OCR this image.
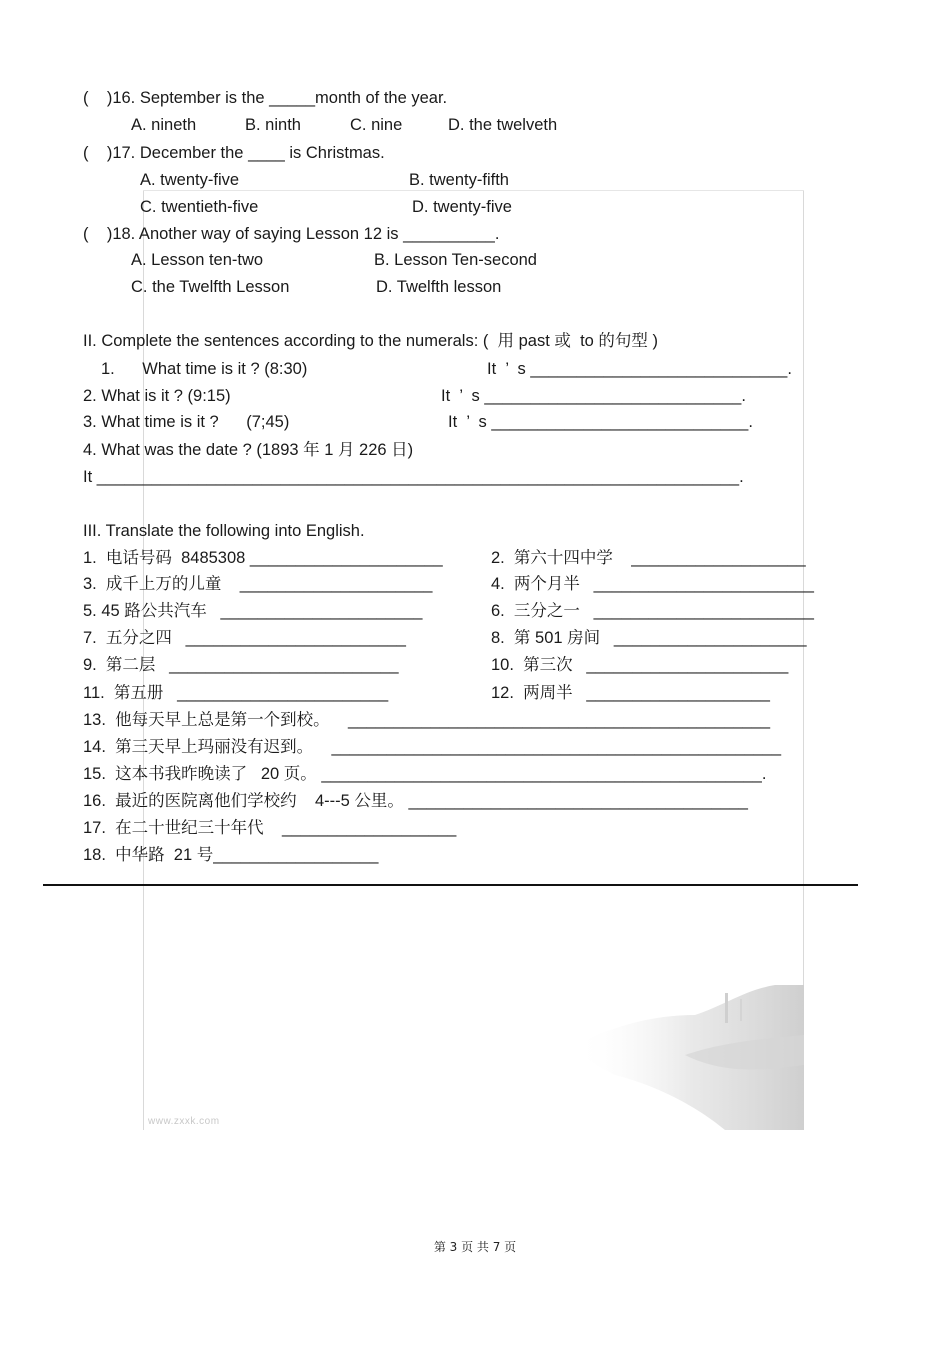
(    )16. September is the _____month of the year.
A. nineth	B. ninth	C. nine	D. the twelveth
(    )17. December the ____ is Christmas.
A. twenty-five	B. twenty-fifth
C. twentieth-five	D. twenty-five
(    )18. Another way of saying Lesson 12 is __________.
A. Lesson ten-two	B. Lesson Ten-second
C. the Twelfth Lesson	D. Twelfth lesson
II. Complete the sentences according to the numerals: (  用 past 或  to 的句型 )
1.      What time is it ? (8:30)	It  ’  s ____________________________.
2. What is it ? (9:15)	It  ’  s ____________________________.
3. What time is it ?      (7;45)	It  ’  s ____________________________.
4. What was the date ? (1893 年 1 月 226 日)
It ______________________________________________________________________.
III. Translate the following into English.
1.  电话号码  8485308 _____________________	2.  第六十四中学    ___________________
3.  成千上万的儿童    _____________________	4.  两个月半   ________________________
5. 45 路公共汽车   ______________________	6.  三分之一   ________________________
7.  五分之四   ________________________	8.  第 501 房间   _____________________
9.  第二层   _________________________	10.  第三次   ______________________
11.  第五册   _______________________	12.  两周半   ____________________
13.  他每天早上总是第一个到校。    ______________________________________________
14.  第三天早上玛丽没有迟到。    _________________________________________________
15.  这本书我昨晚读了   20 页。 ________________________________________________.
16.  最近的医院离他们学校约    4---5 公里。 _____________________________________
17.  在二十世纪三十年代    ___________________
18.  中华路  21 号__________________
www.zxxk.com
第 3 页 共 7 页
